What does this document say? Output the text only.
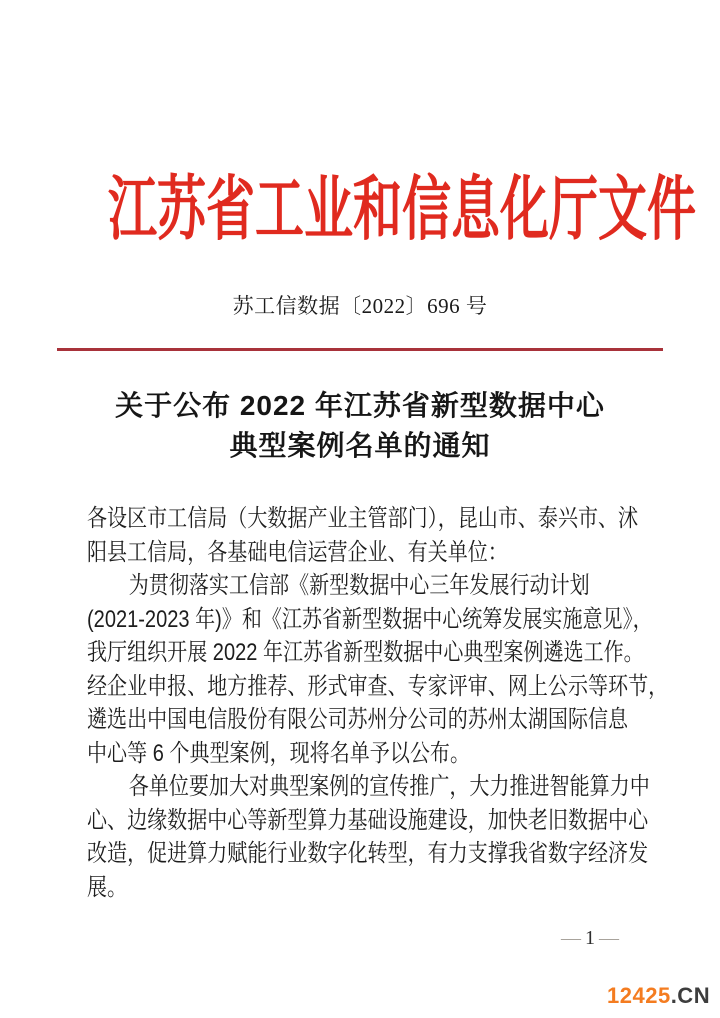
江苏省工业和信息化厅文件
苏工信数据〔2022〕696 号
关于公布 2022 年江苏省新型数据中心
典型案例名单的通知
各设区市工信局（大数据产业主管部门），昆山市、泰兴市、沭
阳县工信局，各基础电信运营企业、有关单位：
为贯彻落实工信部《新型数据中心三年发展行动计划
(2021-2023 年)》和《江苏省新型数据中心统筹发展实施意见》，
我厅组织开展 2022 年江苏省新型数据中心典型案例遴选工作。
经企业申报、地方推荐、形式审查、专家评审、网上公示等环节，
遴选出中国电信股份有限公司苏州分公司的苏州太湖国际信息
中心等 6 个典型案例，现将名单予以公布。
各单位要加大对典型案例的宣传推广，大力推进智能算力中
心、边缘数据中心等新型算力基础设施建设，加快老旧数据中心
改造，促进算力赋能行业数字化转型，有力支撑我省数字经济发
展。
— 1 —
12425.CN
